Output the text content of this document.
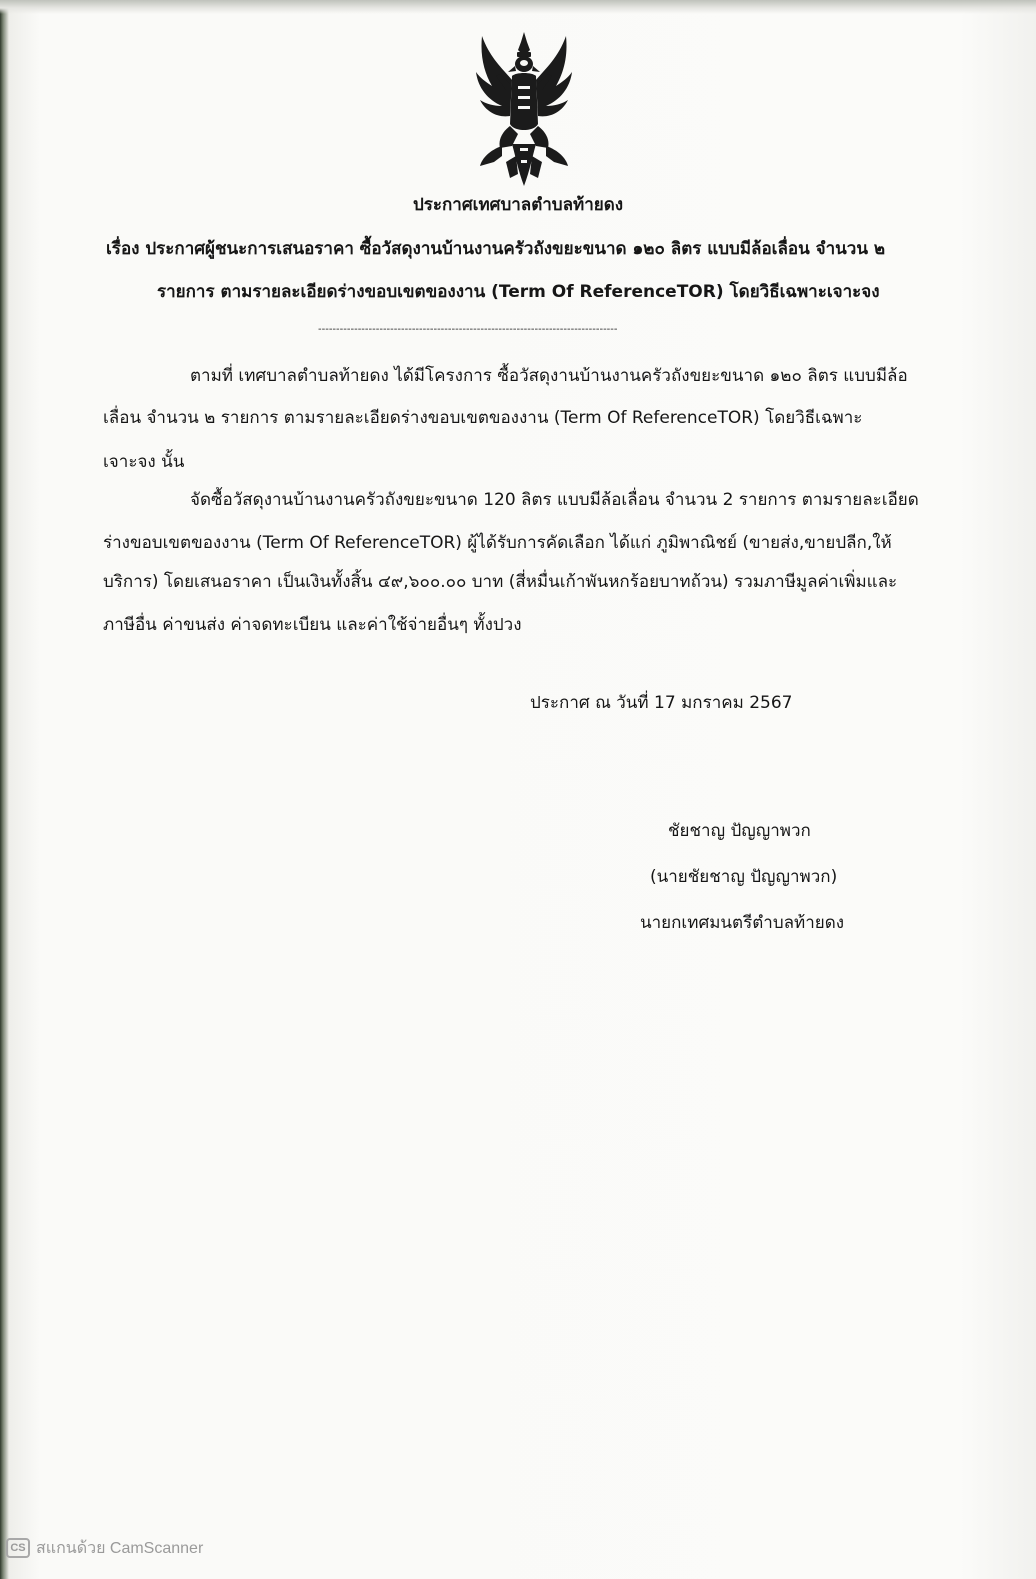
ประกาศเทศบาลตำบลท้ายดง
เรื่อง ประกาศผู้ชนะการเสนอราคา ซื้อวัสดุงานบ้านงานครัวถังขยะขนาด ๑๒๐ ลิตร แบบมีล้อเลื่อน จำนวน ๒
รายการ ตามรายละเอียดร่างขอบเขตของงาน (Term Of ReferenceTOR) โดยวิธีเฉพาะเจาะจง
-----------------------------------------------------------------------------------
ตามที่ เทศบาลตำบลท้ายดง ได้มีโครงการ ซื้อวัสดุงานบ้านงานครัวถังขยะขนาด ๑๒๐ ลิตร แบบมีล้อ
เลื่อน จำนวน ๒ รายการ ตามรายละเอียดร่างขอบเขตของงาน (Term Of ReferenceTOR) โดยวิธีเฉพาะ
เจาะจง นั้น
จัดซื้อวัสดุงานบ้านงานครัวถังขยะขนาด 120 ลิตร แบบมีล้อเลื่อน จำนวน 2 รายการ ตามรายละเอียด
ร่างขอบเขตของงาน (Term Of ReferenceTOR) ผู้ได้รับการคัดเลือก ได้แก่ ภูมิพาณิชย์ (ขายส่ง,ขายปลีก,ให้
บริการ) โดยเสนอราคา เป็นเงินทั้งสิ้น ๔๙,๖๐๐.๐๐ บาท (สี่หมื่นเก้าพันหกร้อยบาทถ้วน) รวมภาษีมูลค่าเพิ่มและ
ภาษีอื่น ค่าขนส่ง ค่าจดทะเบียน และค่าใช้จ่ายอื่นๆ ทั้งปวง
ประกาศ ณ วันที่ 17 มกราคม 2567
ชัยชาญ ปัญญาพวก
(นายชัยชาญ ปัญญาพวก)
นายกเทศมนตรีตำบลท้ายดง
CS สแกนด้วย CamScanner
